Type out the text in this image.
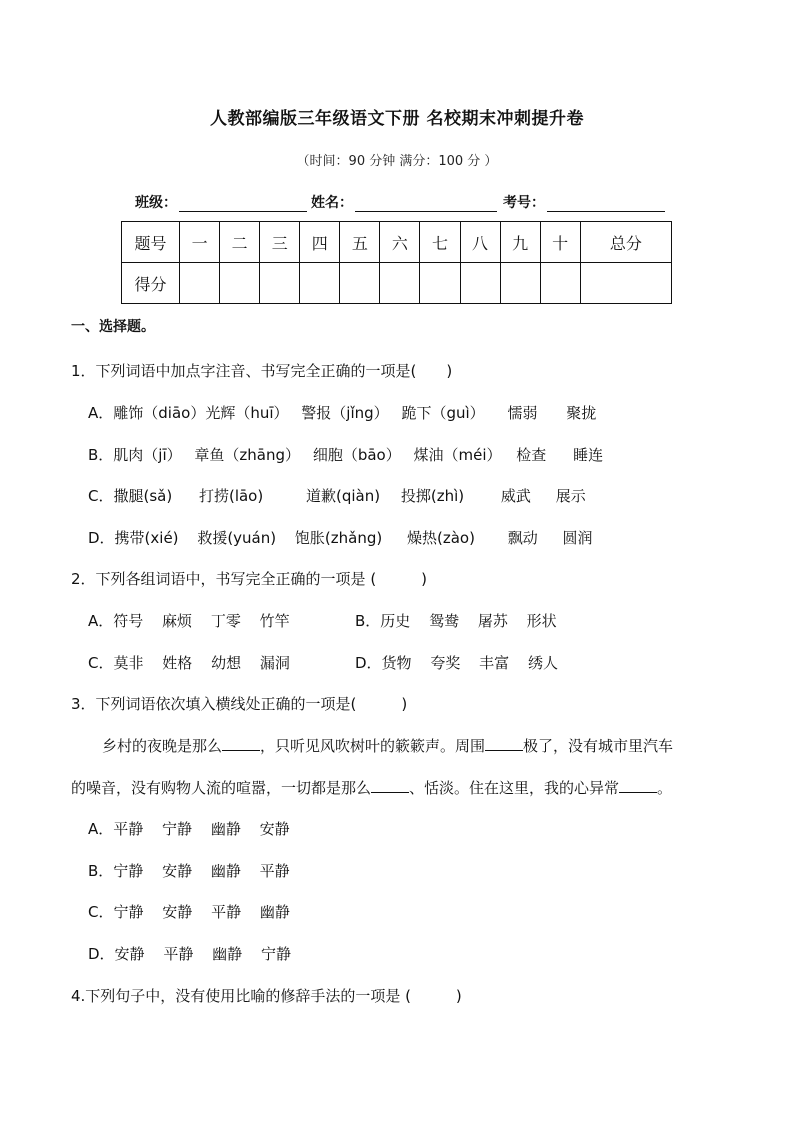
人教部编版三年级语文下册 名校期末冲刺提升卷
（时间：90 分钟 满分：100 分 ）
班级：	姓名：	考号：
题号	一	二	三	四	五	六	七	八	九	十	总分
得分											
一、选择题。
1．下列词语中加点字注音、书写完全正确的一项是(　　)
A．雕饰（diāo）光辉（huī） 警报（jǐng） 跪下（guì） 懦弱 聚拢
B．肌肉（jī） 章鱼（zhāng） 细胞（bāo） 煤油（méi） 检查 睡连
C．撒腿(sǎ) 打捞(lāo)	道歉(qiàn) 投掷(zhì) 威武 展示
D．携带(xié) 救援(yuán) 饱胀(zhǎng) 燥热(zào) 飘动 圆润
2．下列各组词语中，书写完全正确的一项是 (　　　)
A．符号 麻烦 丁零 竹竿	B．历史 鸳鸯 屠苏 形状
C．莫非 姓格 幼想 漏洞	D．货物 夸奖 丰富 绣人
3．下列词语依次填入横线处正确的一项是(　　　)
乡村的夜晚是那么	，只听见风吹树叶的簌簌声。周围	极了，没有城市里汽车
的噪音，没有购物人流的喧嚣，一切都是那么	、恬淡。住在这里，我的心异常	。
A．平静 宁静 幽静 安静
B．宁静 安静 幽静 平静
C．宁静 安静 平静 幽静
D．安静 平静 幽静 宁静
4.下列句子中，没有使用比喻的修辞手法的一项是 (　　　)
